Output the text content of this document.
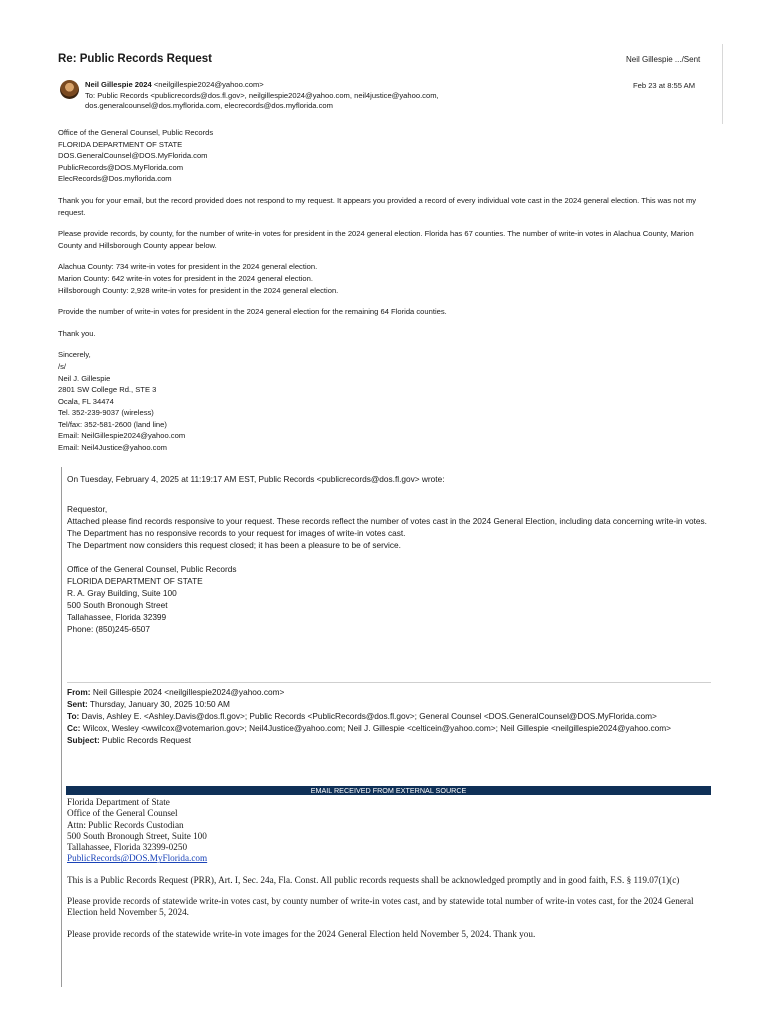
Re: Public Records Request	Neil Gillespie .../Sent
Neil Gillespie 2024 <neilgillespie2024@yahoo.com>
To: Public Records <publicrecords@dos.fl.gov>, neilgillespie2024@yahoo.com, neil4justice@yahoo.com,
dos.generalcounsel@dos.myflorida.com, elecrecords@dos.myflorida.com
Feb 23 at 8:55 AM

Office of the General Counsel, Public Records
FLORIDA DEPARTMENT OF STATE
DOS.GeneralCounsel@DOS.MyFlorida.com
PublicRecords@DOS.MyFlorida.com
ElecRecords@Dos.myflorida.com

Thank you for your email, but the record provided does not respond to my request. It appears you provided a record of every individual vote cast in the 2024 general election. This was not my request.

Please provide records, by county, for the number of write-in votes for president in the 2024 general election. Florida has 67 counties. The number of write-in votes in Alachua County, Marion County and Hillsborough County appear below.

Alachua County: 734 write-in votes for president in the 2024 general election.
Marion County: 642 write-in votes for president in the 2024 general election.
Hillsborough County: 2,928 write-in votes for president in the 2024 general election.

Provide the number of write-in votes for president in the 2024 general election for the remaining 64 Florida counties.

Thank you.

Sincerely,
/s/
Neil J. Gillespie
2801 SW College Rd., STE 3
Ocala, FL 34474
Tel. 352-239-9037 (wireless)
Tel/fax: 352-581-2600 (land line)
Email: NeilGillespie2024@yahoo.com
Email: Neil4Justice@yahoo.com

On Tuesday, February 4, 2025 at 11:19:17 AM EST, Public Records <publicrecords@dos.fl.gov> wrote:

Requestor,
Attached please find records responsive to your request. These records reflect the number of votes cast in the 2024 General Election, including data concerning write-in votes. The Department has no responsive records to your request for images of write-in votes cast.
The Department now considers this request closed; it has been a pleasure to be of service.

Office of the General Counsel, Public Records
FLORIDA DEPARTMENT OF STATE
R. A. Gray Building, Suite 100
500 South Bronough Street
Tallahassee, Florida 32399
Phone: (850)245-6507

From: Neil Gillespie 2024 <neilgillespie2024@yahoo.com>
Sent: Thursday, January 30, 2025 10:50 AM
To: Davis, Ashley E. <Ashley.Davis@dos.fl.gov>; Public Records <PublicRecords@dos.fl.gov>; General Counsel <DOS.GeneralCounsel@DOS.MyFlorida.com>
Cc: Wilcox, Wesley <wwilcox@votemarion.gov>; Neil4Justice@yahoo.com; Neil J. Gillespie <celticein@yahoo.com>; Neil Gillespie <neilgillespie2024@yahoo.com>
Subject: Public Records Request
EMAIL RECEIVED FROM EXTERNAL SOURCE

Florida Department of State
Office of the General Counsel
Attn: Public Records Custodian
500 South Bronough Street, Suite 100
Tallahassee, Florida 32399-0250
PublicRecords@DOS.MyFlorida.com

This is a Public Records Request (PRR), Art. I, Sec. 24a, Fla. Const. All public records requests shall be acknowledged promptly and in good faith, F.S. § 119.07(1)(c)

Please provide records of statewide write-in votes cast, by county number of write-in votes cast, and by statewide total number of write-in votes cast, for the 2024 General Election held November 5, 2024.

Please provide records of the statewide write-in vote images for the 2024 General Election held November 5, 2024. Thank you.
